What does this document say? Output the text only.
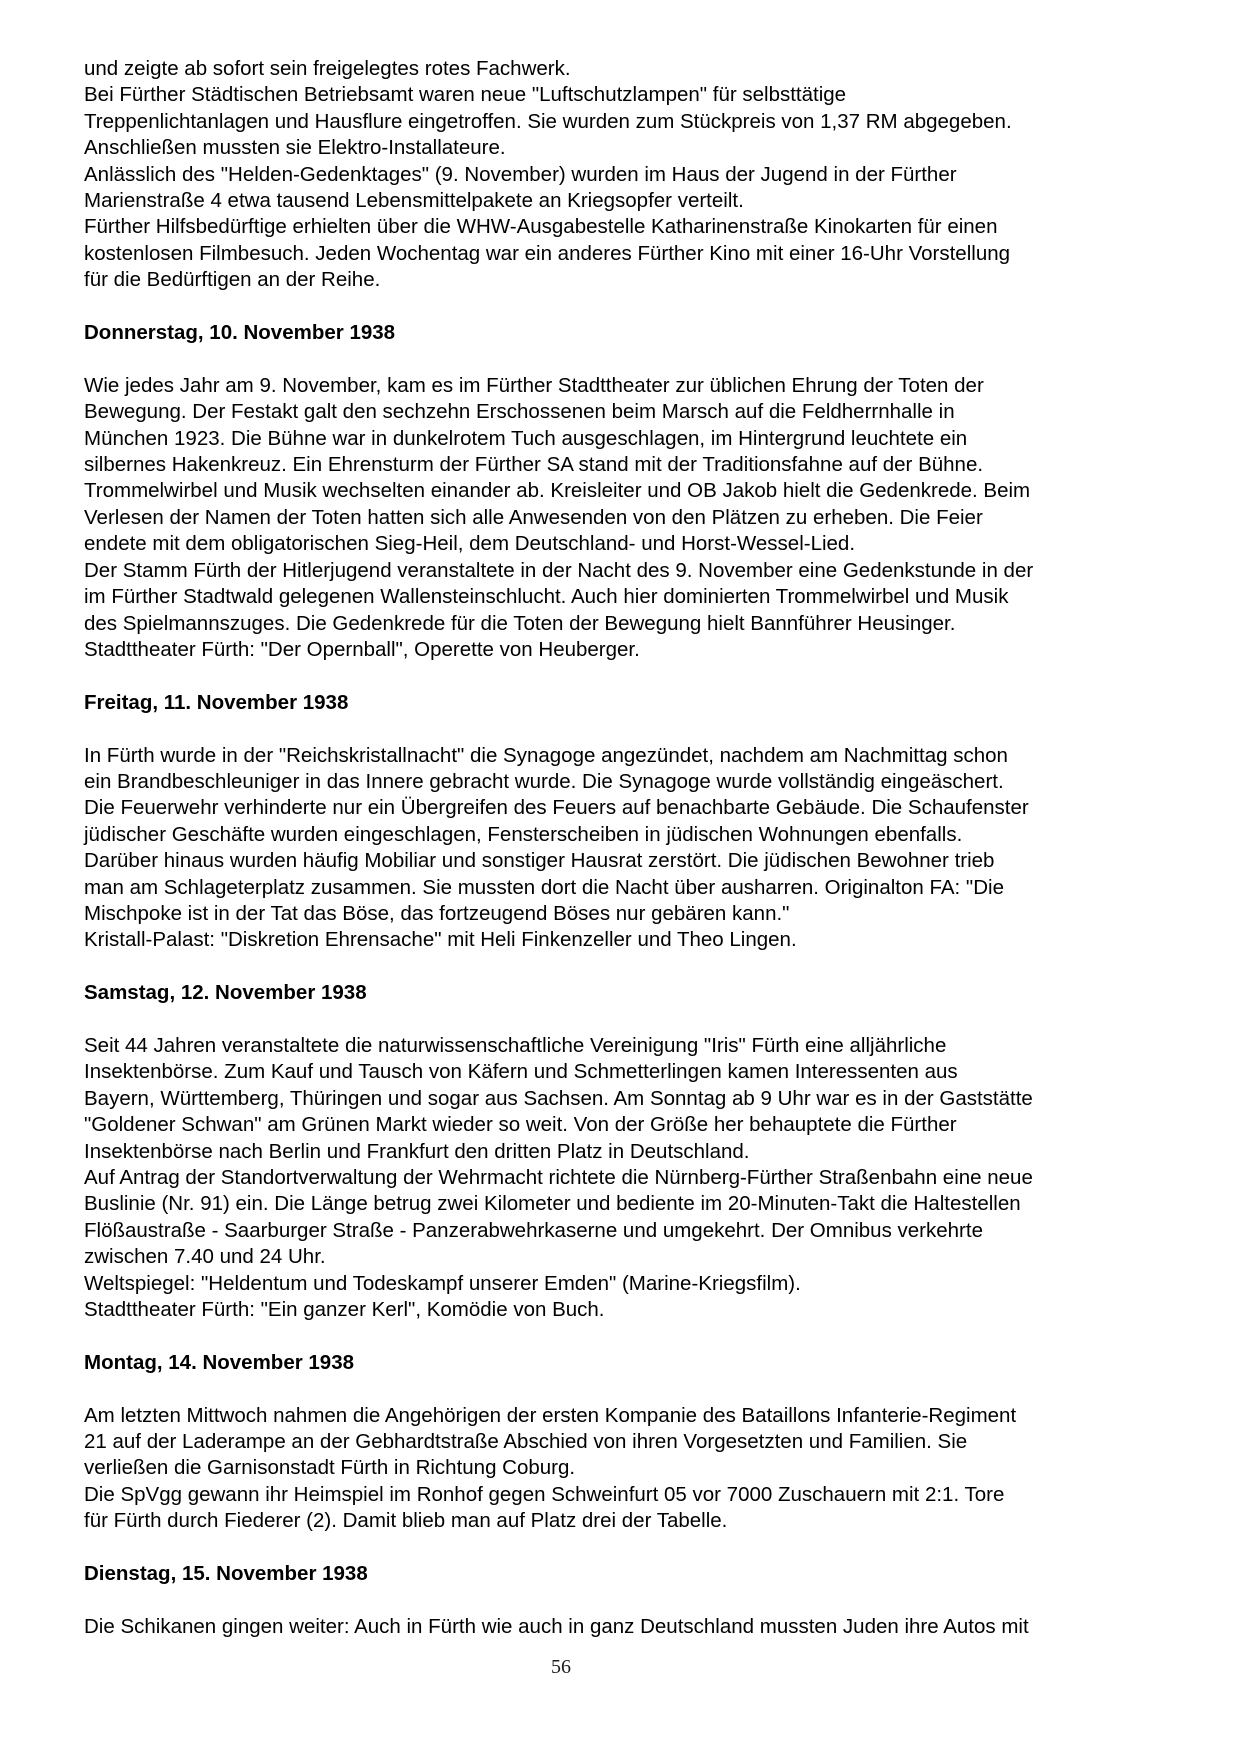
und zeigte ab sofort sein freigelegtes rotes Fachwerk.
Bei Fürther Städtischen Betriebsamt waren neue "Luftschutzlampen" für selbsttätige
Treppenlichtanlagen und Hausflure eingetroffen. Sie wurden zum Stückpreis von 1,37 RM abgegeben.
Anschließen mussten sie Elektro-Installateure.
Anlässlich des "Helden-Gedenktages" (9. November) wurden im Haus der Jugend in der Fürther
Marienstraße 4 etwa tausend Lebensmittelpakete an Kriegsopfer verteilt.
Fürther Hilfsbedürftige erhielten über die WHW-Ausgabestelle Katharinenstraße Kinokarten für einen
kostenlosen Filmbesuch. Jeden Wochentag war ein anderes Fürther Kino mit einer 16-Uhr Vorstellung
für die Bedürftigen an der Reihe.
Donnerstag, 10. November 1938
Wie jedes Jahr am 9. November, kam es im Fürther Stadttheater zur üblichen Ehrung der Toten der
Bewegung. Der Festakt galt den sechzehn Erschossenen beim Marsch auf die Feldherrnhalle in
München 1923. Die Bühne war in dunkelrotem Tuch ausgeschlagen, im Hintergrund leuchtete ein
silbernes Hakenkreuz. Ein Ehrensturm der Fürther SA stand mit der Traditionsfahne auf der Bühne.
Trommelwirbel und Musik wechselten einander ab. Kreisleiter und OB Jakob hielt die Gedenkrede. Beim
Verlesen der Namen der Toten hatten sich alle Anwesenden von den Plätzen zu erheben. Die Feier
endete mit dem obligatorischen Sieg-Heil, dem Deutschland- und Horst-Wessel-Lied.
Der Stamm Fürth der Hitlerjugend veranstaltete in der Nacht des 9. November eine Gedenkstunde in der
im Fürther Stadtwald gelegenen Wallensteinschlucht. Auch hier dominierten Trommelwirbel und Musik
des Spielmannszuges. Die Gedenkrede für die Toten der Bewegung hielt Bannführer Heusinger.
Stadttheater Fürth: "Der Opernball", Operette von Heuberger.
Freitag, 11. November 1938
In Fürth wurde in der "Reichskristallnacht" die Synagoge angezündet, nachdem am Nachmittag schon
ein Brandbeschleuniger in das Innere gebracht wurde. Die Synagoge wurde vollständig eingeäschert.
Die Feuerwehr verhinderte nur ein Übergreifen des Feuers auf benachbarte Gebäude. Die Schaufenster
jüdischer Geschäfte wurden eingeschlagen, Fensterscheiben in jüdischen Wohnungen ebenfalls.
Darüber hinaus wurden häufig Mobiliar und sonstiger Hausrat zerstört. Die jüdischen Bewohner trieb
man am Schlageterplatz zusammen. Sie mussten dort die Nacht über ausharren. Originalton FA: "Die
Mischpoke ist in der Tat das Böse, das fortzeugend Böses nur gebären kann."
Kristall-Palast: "Diskretion Ehrensache" mit Heli Finkenzeller und Theo Lingen.
Samstag, 12. November 1938
Seit 44 Jahren veranstaltete die naturwissenschaftliche Vereinigung "Iris" Fürth eine alljährliche
Insektenbörse. Zum Kauf und Tausch von Käfern und Schmetterlingen kamen Interessenten aus
Bayern, Württemberg, Thüringen und sogar aus Sachsen. Am Sonntag ab 9 Uhr war es in der Gaststätte
"Goldener Schwan" am Grünen Markt wieder so weit. Von der Größe her behauptete die Fürther
Insektenbörse nach Berlin und Frankfurt den dritten Platz in Deutschland.
Auf Antrag der Standortverwaltung der Wehrmacht richtete die Nürnberg-Fürther Straßenbahn eine neue
Buslinie (Nr. 91) ein. Die Länge betrug zwei Kilometer und bediente im 20-Minuten-Takt die Haltestellen
Flößaustraße - Saarburger Straße - Panzerabwehrkaserne und umgekehrt. Der Omnibus verkehrte
zwischen 7.40 und 24 Uhr.
Weltspiegel: "Heldentum und Todeskampf unserer Emden" (Marine-Kriegsfilm).
Stadttheater Fürth: "Ein ganzer Kerl", Komödie von Buch.
Montag, 14. November 1938
Am letzten Mittwoch nahmen die Angehörigen der ersten Kompanie des Bataillons Infanterie-Regiment
21 auf der Laderampe an der Gebhardtstraße Abschied von ihren Vorgesetzten und Familien. Sie
verließen die Garnisonstadt Fürth in Richtung Coburg.
Die SpVgg gewann ihr Heimspiel im Ronhof gegen Schweinfurt 05 vor 7000 Zuschauern mit 2:1. Tore
für Fürth durch Fiederer (2). Damit blieb man auf Platz drei der Tabelle.
Dienstag, 15. November 1938
Die Schikanen gingen weiter: Auch in Fürth wie auch in ganz Deutschland mussten Juden ihre Autos mit
56
